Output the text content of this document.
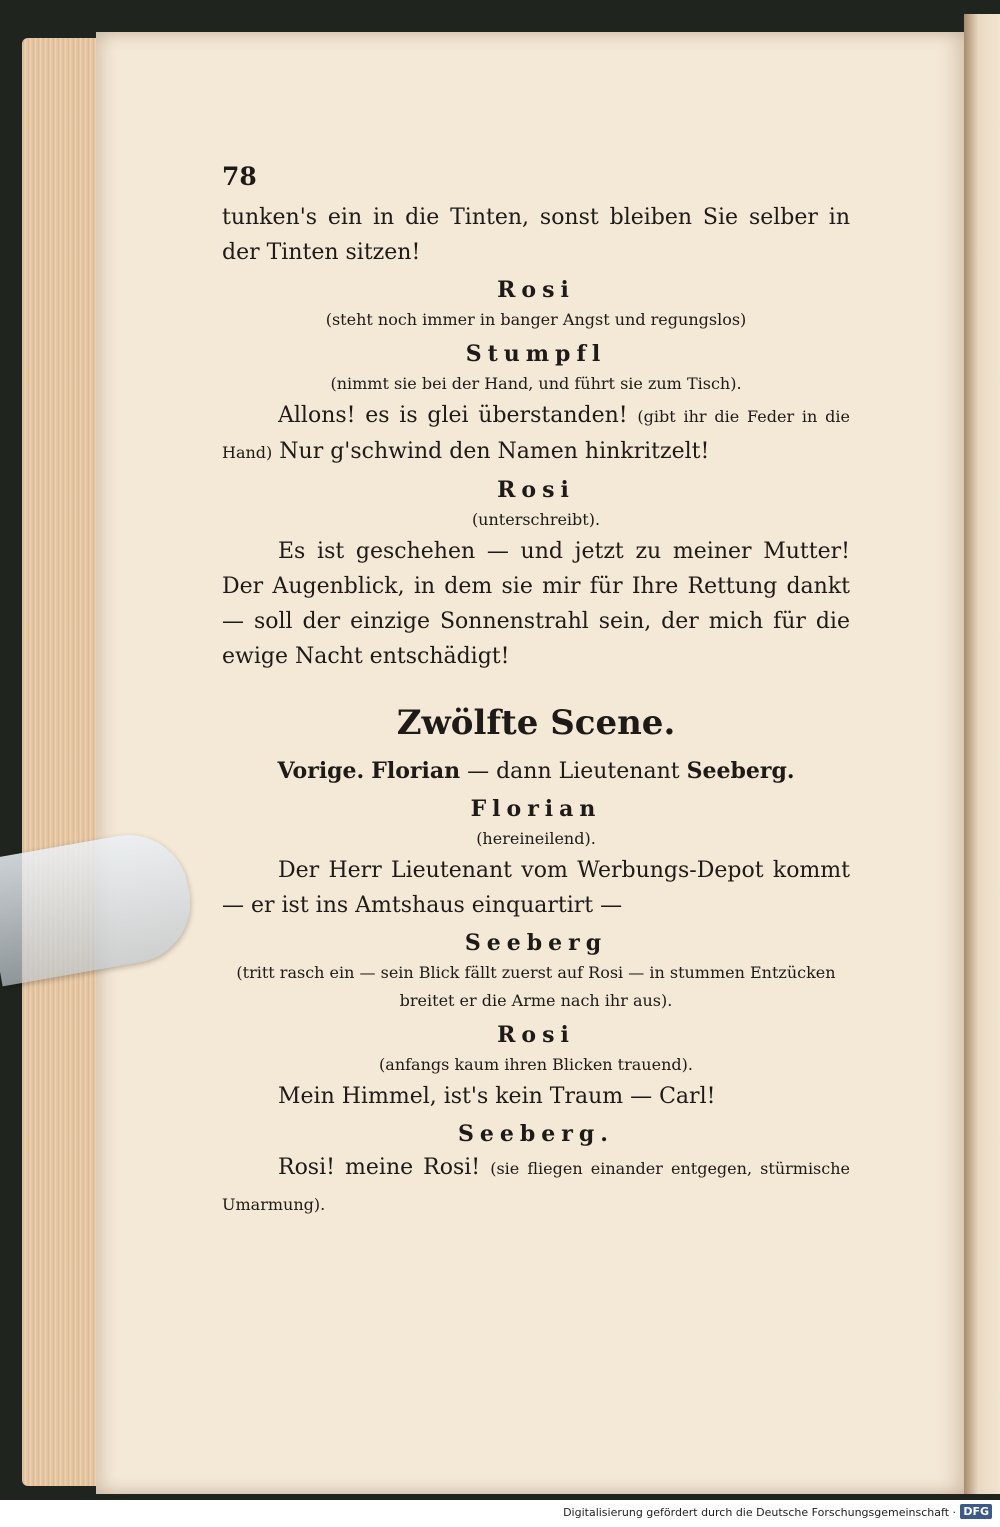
78

tunken's ein in die Tinten, sonst bleiben Sie selber in der Tinten sitzen!

Rosi

(steht noch immer in banger Angst und regungslos)

Stumpfl

(nimmt sie bei der Hand, und führt sie zum Tisch).

Allons! es is glei überstanden! (gibt ihr die Feder in die Hand) Nur g'schwind den Namen hinkritzelt!

Rosi

(unterschreibt).

Es ist geschehen — und jetzt zu meiner Mutter! Der Augenblick, in dem sie mir für Ihre Rettung dankt — soll der einzige Sonnenstrahl sein, der mich für die ewige Nacht entschädigt!

Zwölfte Scene.

Vorige. Florian — dann Lieutenant Seeberg.

Florian

(hereineilend).

Der Herr Lieutenant vom Werbungs-Depot kommt — er ist ins Amtshaus einquartirt —

Seeberg

(tritt rasch ein — sein Blick fällt zuerst auf Rosi — in stummen Entzücken breitet er die Arme nach ihr aus).

Rosi

(anfangs kaum ihren Blicken trauend).

Mein Himmel, ist's kein Traum — Carl!

Seeberg.

Rosi! meine Rosi! (sie fliegen einander entgegen, stürmische Umarmung).

Digitalisierung gefördert durch die Deutsche Forschungsgemeinschaft · DFG
